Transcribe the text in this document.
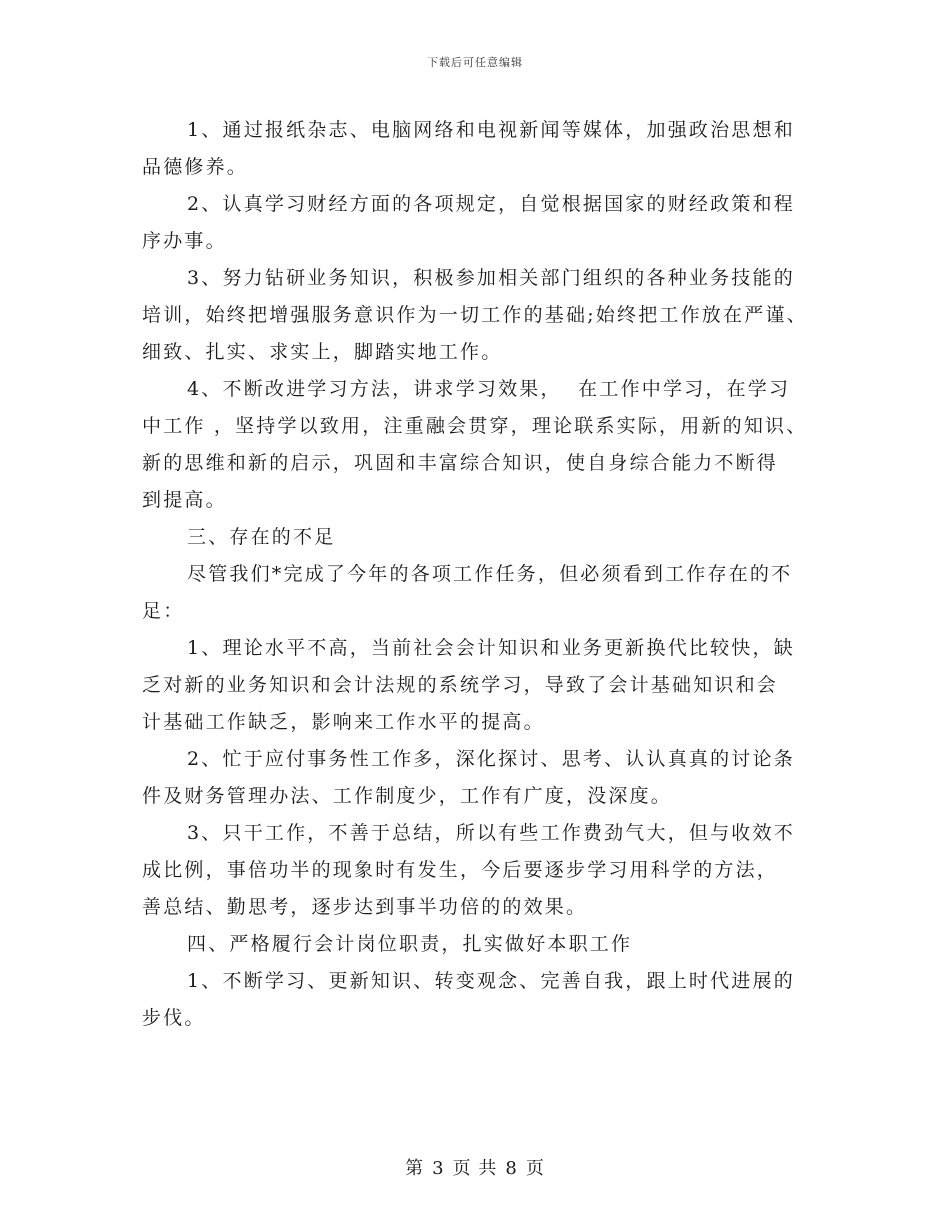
下载后可任意编辑
1、通过报纸杂志、电脑网络和电视新闻等媒体，加强政治思想和
品德修养。
2、认真学习财经方面的各项规定，自觉根据国家的财经政策和程
序办事。
3、努力钻研业务知识，积极参加相关部门组织的各种业务技能的
培训，始终把增强服务意识作为一切工作的基础;始终把工作放在严谨、
细致、扎实、求实上，脚踏实地工作。
4、不断改进学习方法，讲求学习效果，  在工作中学习，在学习
中工作 ，坚持学以致用，注重融会贯穿，理论联系实际，用新的知识、
新的思维和新的启示，巩固和丰富综合知识，使自身综合能力不断得
到提高。
三、存在的不足
尽管我们*完成了今年的各项工作任务，但必须看到工作存在的不
足：
1、理论水平不高，当前社会会计知识和业务更新换代比较快，缺
乏对新的业务知识和会计法规的系统学习，导致了会计基础知识和会
计基础工作缺乏，影响来工作水平的提高。
2、忙于应付事务性工作多，深化探讨、思考、认认真真的讨论条
件及财务管理办法、工作制度少，工作有广度，没深度。
3、只干工作，不善于总结，所以有些工作费劲气大，但与收效不
成比例，事倍功半的现象时有发生，今后要逐步学习用科学的方法，
善总结、勤思考，逐步达到事半功倍的的效果。
四、严格履行会计岗位职责，扎实做好本职工作
1、不断学习、更新知识、转变观念、完善自我，跟上时代进展的
步伐。
第 3 页 共 8 页
